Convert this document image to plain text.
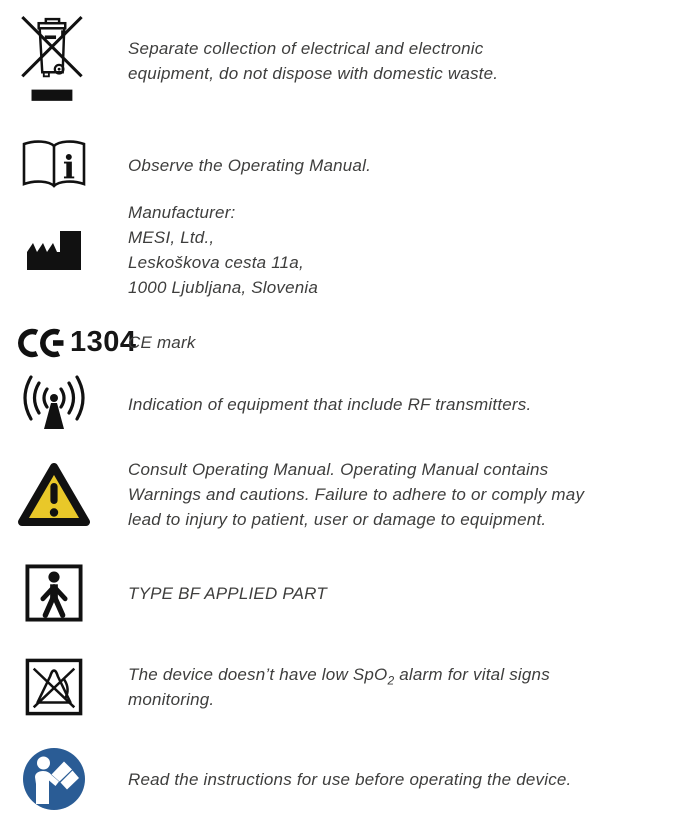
Separate collection of electrical and electronic
equipment, do not dispose with domestic waste.
i	Observe the Operating Manual.
Manufacturer:
MESI, Ltd.,
Leskoškova cesta 11a,
1000 Ljubljana, Slovenia
1304
CE mark
Indication of equipment that include RF transmitters.
Consult Operating Manual. Operating Manual contains
Warnings and cautions. Failure to adhere to or comply may
lead to injury to patient, user or damage to equipment.
TYPE BF APPLIED PART
The device doesn’t have low SpO$_2$ alarm for vital signs
monitoring.
Read the instructions for use before operating the device.
